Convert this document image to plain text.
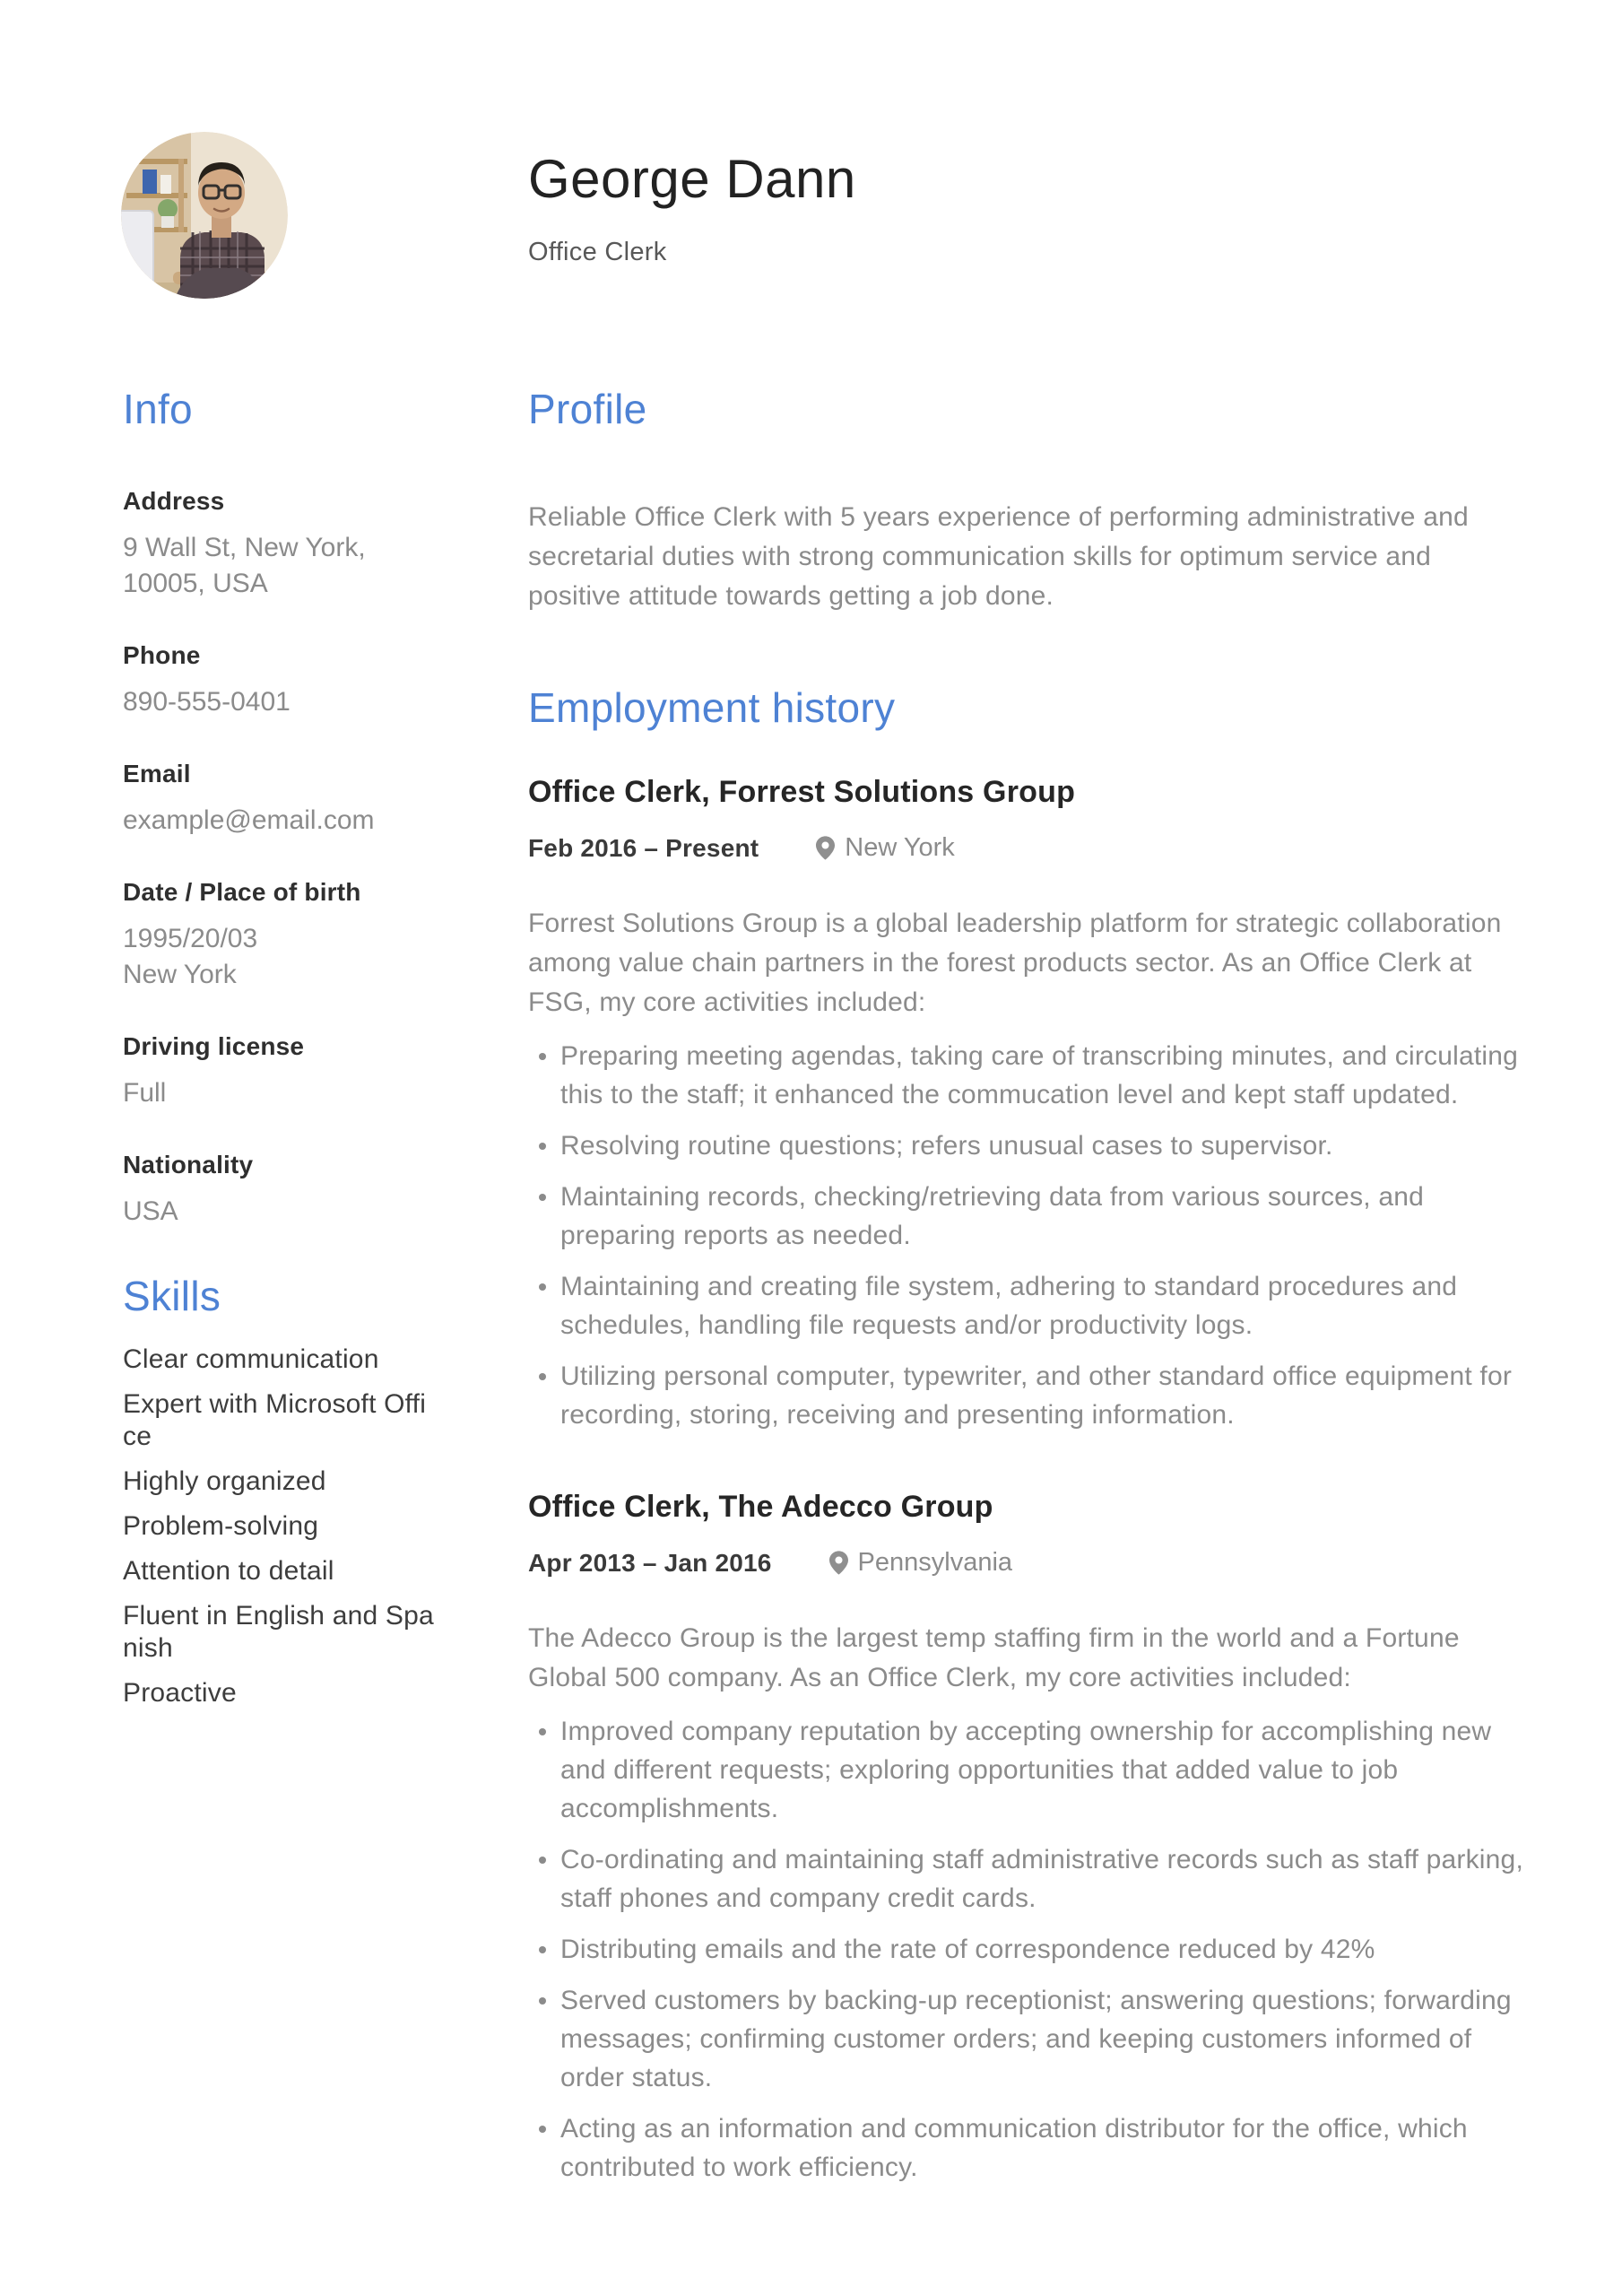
George Dann
Office Clerk
Info
Address
9 Wall St, New York,
10005, USA
Phone
890-555-0401
Email
example@email.com
Date / Place of birth
1995/20/03
New York
Driving license
Full
Nationality
USA
Skills
Clear communication
Expert with Microsoft Office
Highly organized
Problem-solving
Attention to detail
Fluent in English and Spanish
Proactive
Profile

Reliable Office Clerk with 5 years experience of performing administrative and secretarial duties with strong communication skills for optimum service and positive attitude towards getting a job done.

Employment history
Office Clerk, Forrest Solutions Group
Feb 2016 – Present	New York

Forrest Solutions Group is a global leadership platform for strategic collaboration among value chain partners in the forest products sector. As an Office Clerk at FSG, my core activities included:

Preparing meeting agendas, taking care of transcribing minutes, and circulating this to the staff; it enhanced the commucation level and kept staff updated.
Resolving routine questions; refers unusual cases to supervisor.
Maintaining records, checking/retrieving data from various sources, and preparing reports as needed.
Maintaining and creating file system, adhering to standard procedures and schedules, handling file requests and/or productivity logs.
Utilizing personal computer, typewriter, and other standard office equipment for recording, storing, receiving and presenting information.
Office Clerk, The Adecco Group
Apr 2013 – Jan 2016	Pennsylvania

The Adecco Group is the largest temp staffing firm in the world and a Fortune Global 500 company. As an Office Clerk, my core activities included:

Improved company reputation by accepting ownership for accomplishing new and different requests; exploring opportunities that added value to job accomplishments.
Co-ordinating and maintaining staff administrative records such as staff parking, staff phones and company credit cards.
Distributing emails and the rate of correspondence reduced by 42%
Served customers by backing-up receptionist; answering questions; forwarding messages; confirming customer orders; and keeping customers informed of order status.
Acting as an information and communication distributor for the office, which contributed to work efficiency.
